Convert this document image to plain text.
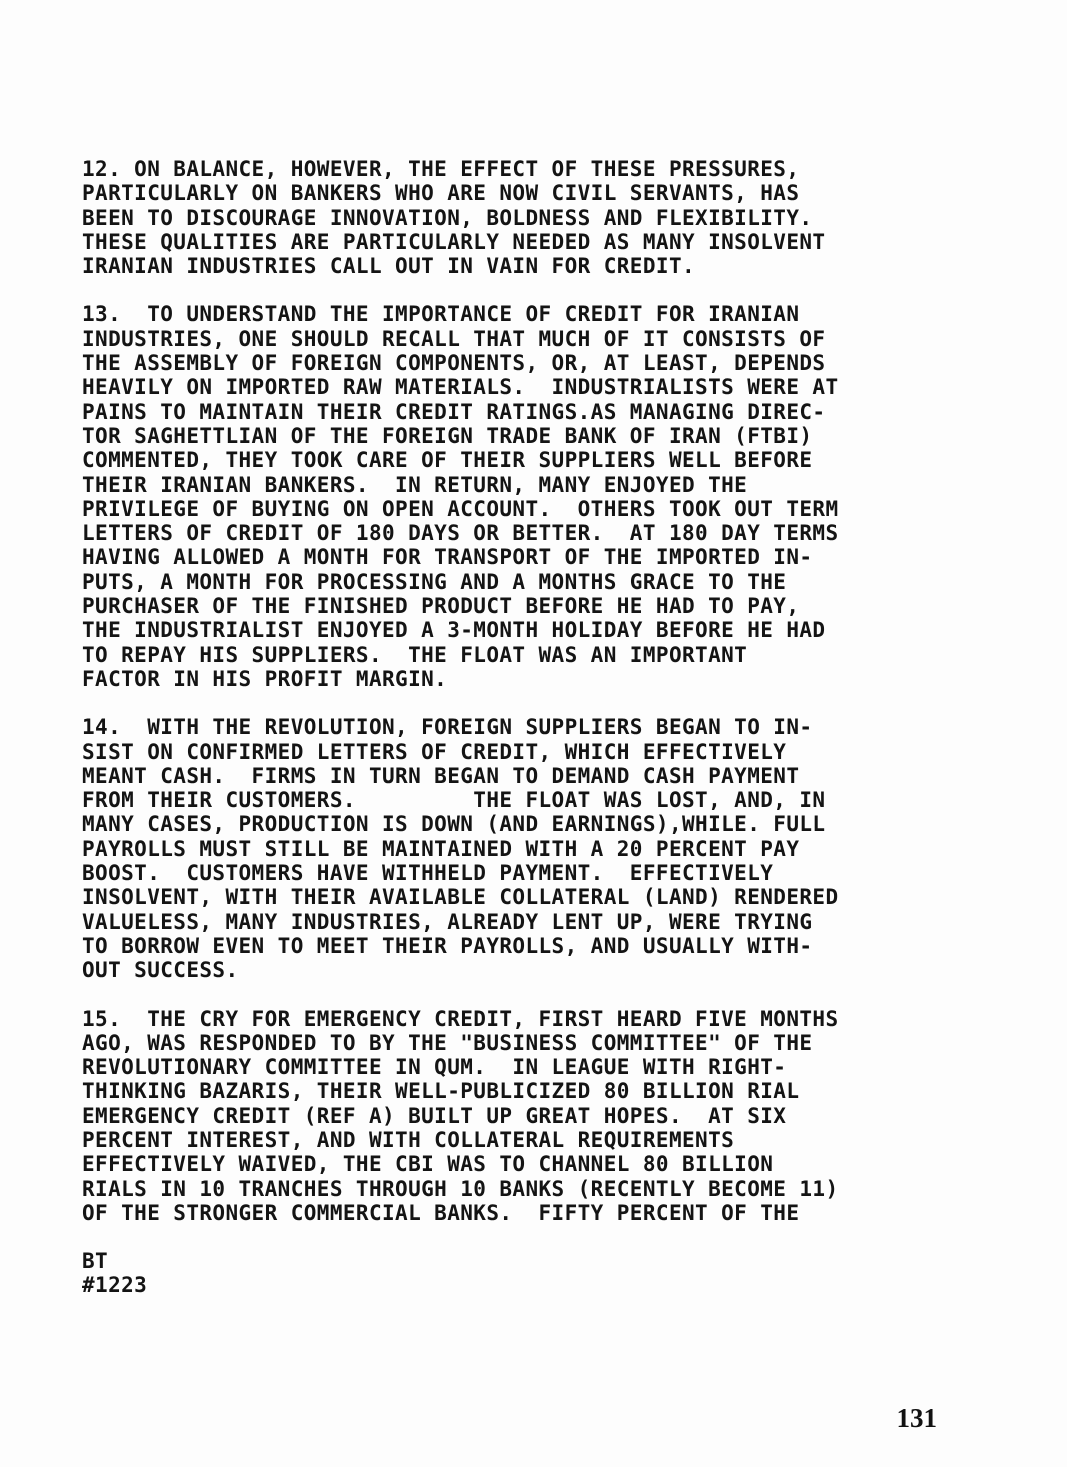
12. ON BALANCE, HOWEVER, THE EFFECT OF THESE PRESSURES,
PARTICULARLY ON BANKERS WHO ARE NOW CIVIL SERVANTS, HAS
BEEN TO DISCOURAGE INNOVATION, BOLDNESS AND FLEXIBILITY.
THESE QUALITIES ARE PARTICULARLY NEEDED AS MANY INSOLVENT
IRANIAN INDUSTRIES CALL OUT IN VAIN FOR CREDIT.
13.  TO UNDERSTAND THE IMPORTANCE OF CREDIT FOR IRANIAN
INDUSTRIES, ONE SHOULD RECALL THAT MUCH OF IT CONSISTS OF
THE ASSEMBLY OF FOREIGN COMPONENTS, OR, AT LEAST, DEPENDS
HEAVILY ON IMPORTED RAW MATERIALS.  INDUSTRIALISTS WERE AT
PAINS TO MAINTAIN THEIR CREDIT RATINGS.AS MANAGING DIREC-
TOR SAGHETTLIAN OF THE FOREIGN TRADE BANK OF IRAN (FTBI)
COMMENTED, THEY TOOK CARE OF THEIR SUPPLIERS WELL BEFORE
THEIR IRANIAN BANKERS.  IN RETURN, MANY ENJOYED THE
PRIVILEGE OF BUYING ON OPEN ACCOUNT.  OTHERS TOOK OUT TERM
LETTERS OF CREDIT OF 180 DAYS OR BETTER.  AT 180 DAY TERMS
HAVING ALLOWED A MONTH FOR TRANSPORT OF THE IMPORTED IN-
PUTS, A MONTH FOR PROCESSING AND A MONTHS GRACE TO THE
PURCHASER OF THE FINISHED PRODUCT BEFORE HE HAD TO PAY,
THE INDUSTRIALIST ENJOYED A 3-MONTH HOLIDAY BEFORE HE HAD
TO REPAY HIS SUPPLIERS.  THE FLOAT WAS AN IMPORTANT
FACTOR IN HIS PROFIT MARGIN.
14.  WITH THE REVOLUTION, FOREIGN SUPPLIERS BEGAN TO IN-
SIST ON CONFIRMED LETTERS OF CREDIT, WHICH EFFECTIVELY
MEANT CASH.  FIRMS IN TURN BEGAN TO DEMAND CASH PAYMENT
FROM THEIR CUSTOMERS.         THE FLOAT WAS LOST, AND, IN
MANY CASES, PRODUCTION IS DOWN (AND EARNINGS),WHILE. FULL
PAYROLLS MUST STILL BE MAINTAINED WITH A 20 PERCENT PAY
BOOST.  CUSTOMERS HAVE WITHHELD PAYMENT.  EFFECTIVELY
INSOLVENT, WITH THEIR AVAILABLE COLLATERAL (LAND) RENDERED
VALUELESS, MANY INDUSTRIES, ALREADY LENT UP, WERE TRYING
TO BORROW EVEN TO MEET THEIR PAYROLLS, AND USUALLY WITH-
OUT SUCCESS.
15.  THE CRY FOR EMERGENCY CREDIT, FIRST HEARD FIVE MONTHS
AGO, WAS RESPONDED TO BY THE "BUSINESS COMMITTEE" OF THE
REVOLUTIONARY COMMITTEE IN QUM.  IN LEAGUE WITH RIGHT-
THINKING BAZARIS, THEIR WELL-PUBLICIZED 80 BILLION RIAL
EMERGENCY CREDIT (REF A) BUILT UP GREAT HOPES.  AT SIX
PERCENT INTEREST, AND WITH COLLATERAL REQUIREMENTS
EFFECTIVELY WAIVED, THE CBI WAS TO CHANNEL 80 BILLION
RIALS IN 10 TRANCHES THROUGH 10 BANKS (RECENTLY BECOME 11)
OF THE STRONGER COMMERCIAL BANKS.  FIFTY PERCENT OF THE
BT
#1223
131
